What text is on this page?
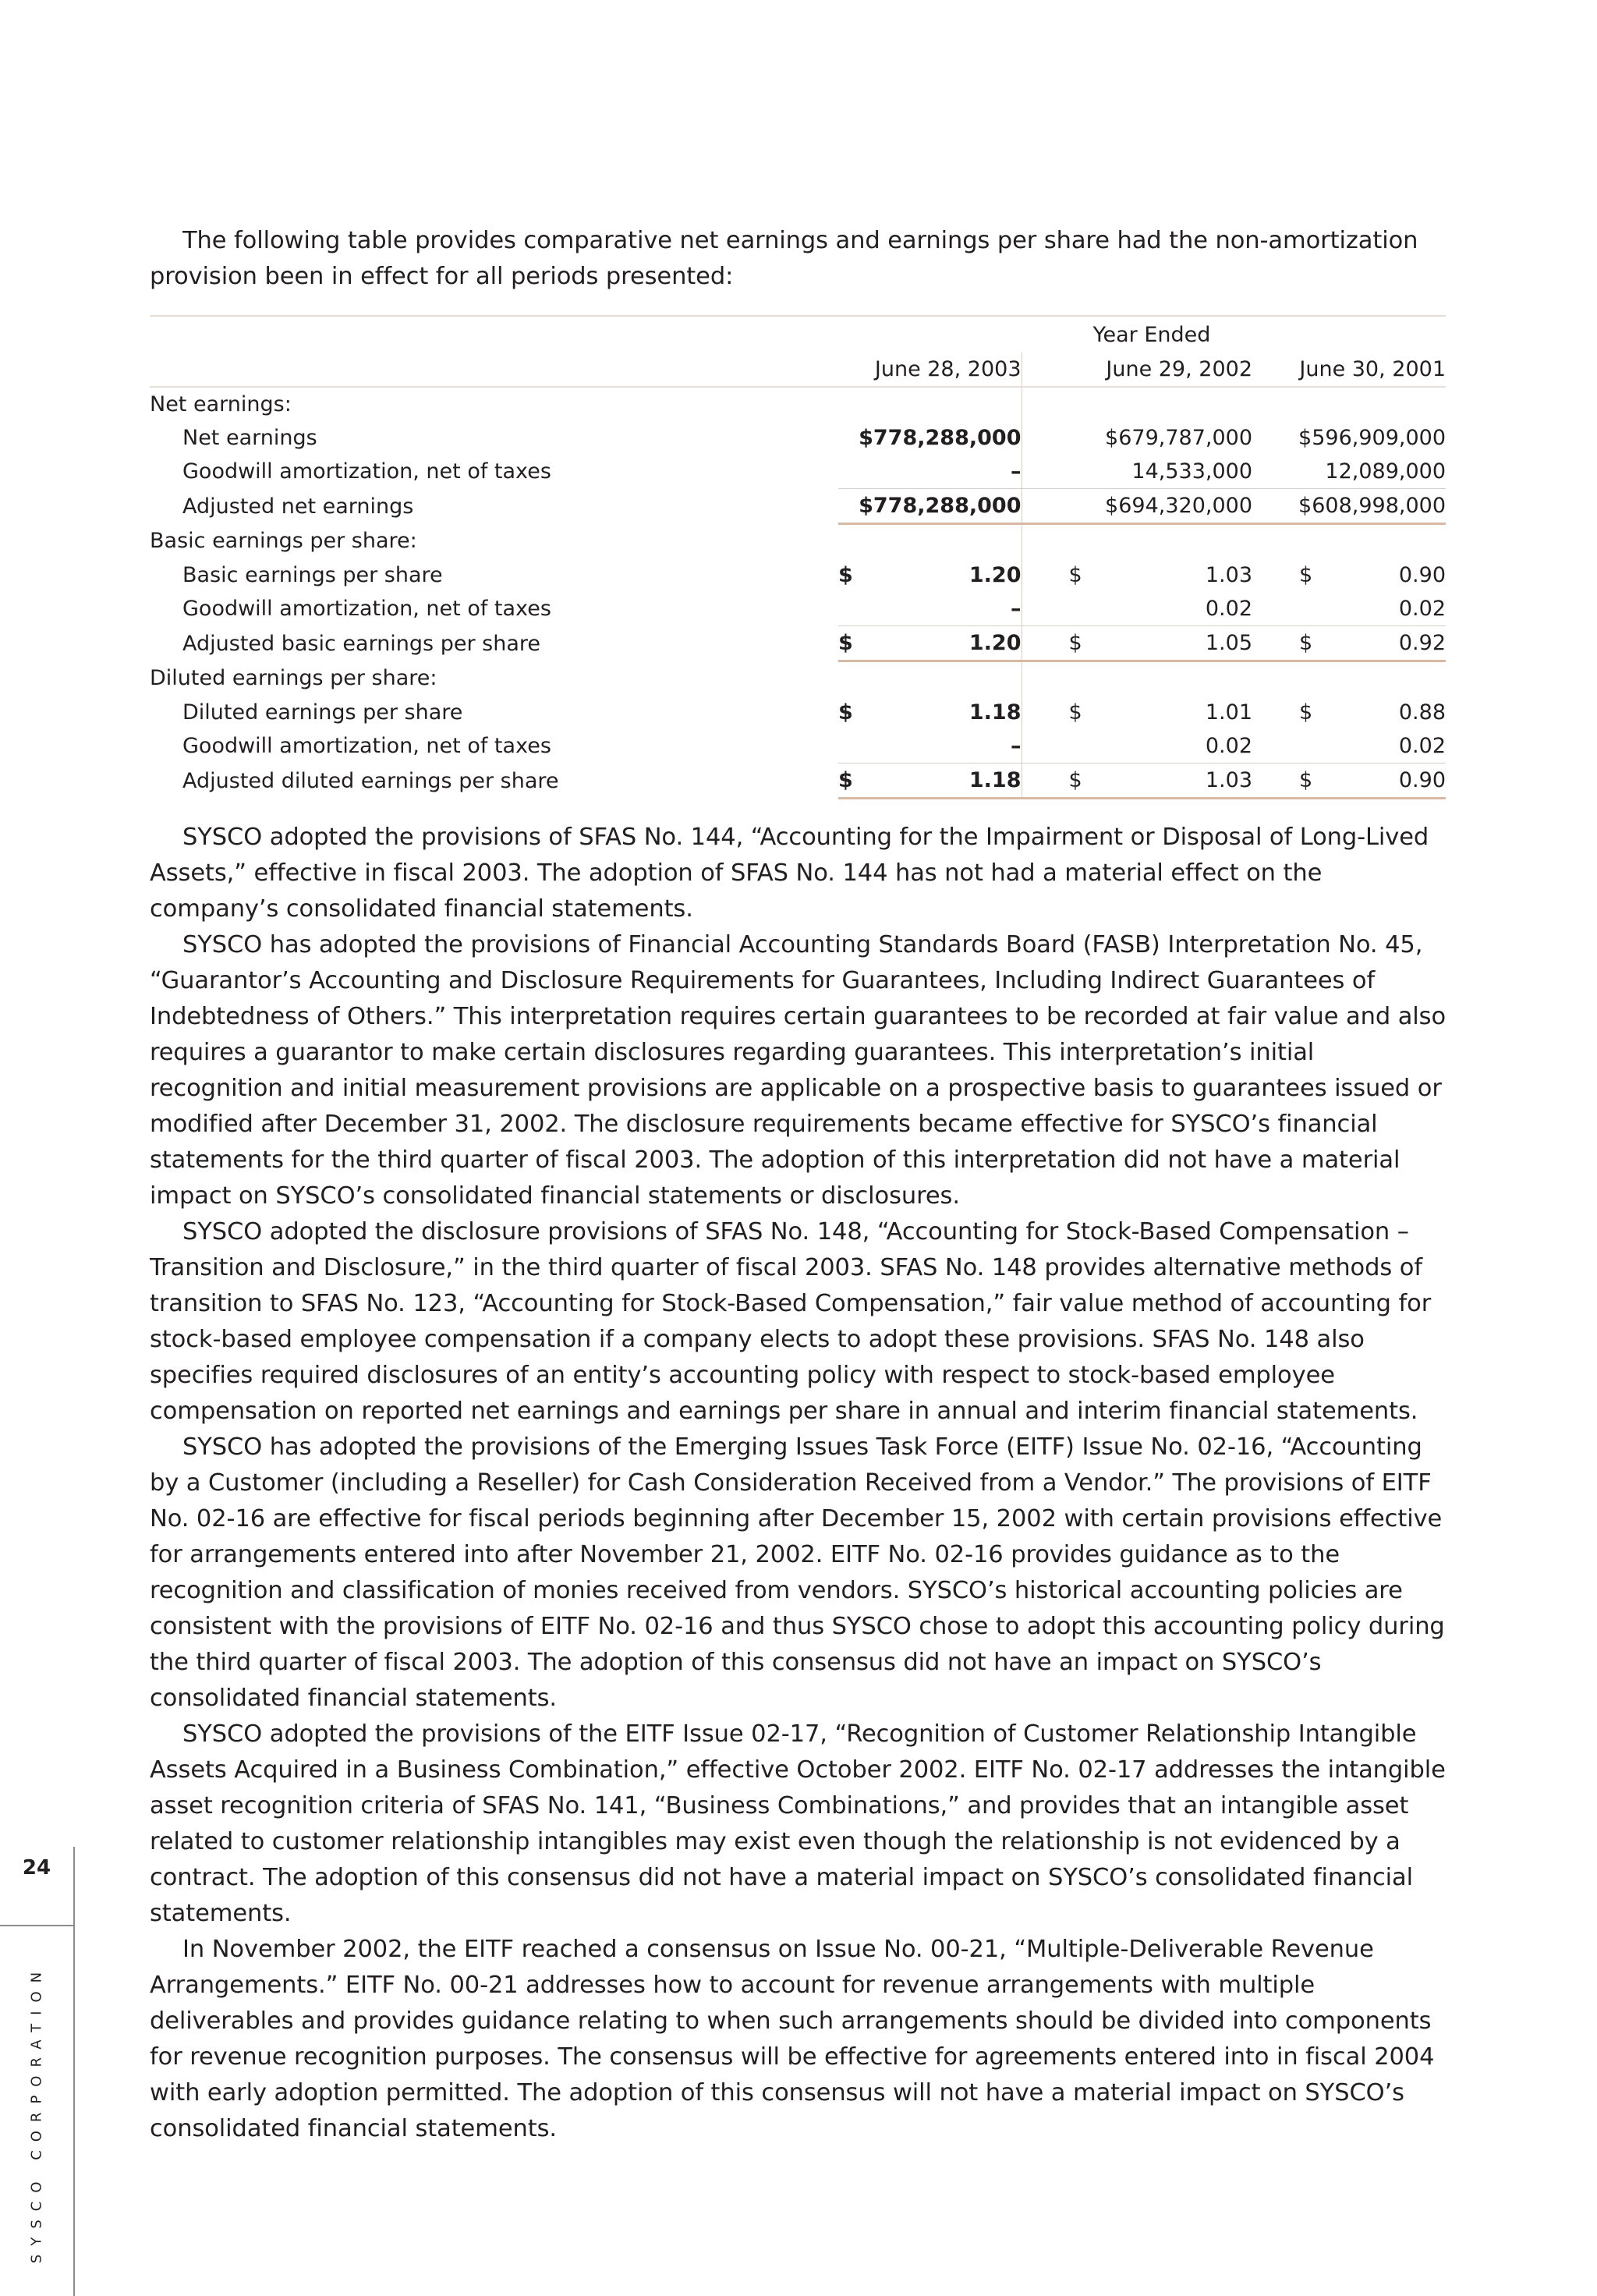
The following table provides comparative net earnings and earnings per share had the non-amortization provision been in effect for all periods presented:

		Year Ended	
	June 28, 2003	June 29, 2002	June 30, 2001
Net earnings:			
Net earnings	$778,288,000	$679,787,000	$596,909,000
Goodwill amortization, net of taxes	–	14,533,000	12,089,000
Adjusted net earnings	$778,288,000	$694,320,000	$608,998,000
Basic earnings per share:			
Basic earnings per share	$ 1.20	$ 1.03	$ 0.90
Goodwill amortization, net of taxes	–	0.02	0.02
Adjusted basic earnings per share	$ 1.20	$ 1.05	$ 0.92
Diluted earnings per share:			
Diluted earnings per share	$ 1.18	$ 1.01	$ 0.88
Goodwill amortization, net of taxes	–	0.02	0.02
Adjusted diluted earnings per share	$ 1.18	$ 1.03	$ 0.90

SYSCO adopted the provisions of SFAS No. 144, “Accounting for the Impairment or Disposal of Long-Lived Assets,” effective in fiscal 2003. The adoption of SFAS No. 144 has not had a material effect on the company’s consolidated financial statements.

SYSCO has adopted the provisions of Financial Accounting Standards Board (FASB) Interpretation No. 45, “Guarantor’s Accounting and Disclosure Requirements for Guarantees, Including Indirect Guarantees of Indebtedness of Others.” This interpretation requires certain guarantees to be recorded at fair value and also requires a guarantor to make certain disclosures regarding guarantees. This interpretation’s initial recognition and initial measurement provisions are applicable on a prospective basis to guarantees issued or modified after December 31, 2002. The disclosure requirements became effective for SYSCO’s financial statements for the third quarter of fiscal 2003. The adoption of this interpretation did not have a material impact on SYSCO’s consolidated financial statements or disclosures.

SYSCO adopted the disclosure provisions of SFAS No. 148, “Accounting for Stock-Based Compensation – Transition and Disclosure,” in the third quarter of fiscal 2003. SFAS No. 148 provides alternative methods of transition to SFAS No. 123, “Accounting for Stock-Based Compensation,” fair value method of accounting for stock-based employee compensation if a company elects to adopt these provisions. SFAS No. 148 also specifies required disclosures of an entity’s accounting policy with respect to stock-based employee compensation on reported net earnings and earnings per share in annual and interim financial statements.

SYSCO has adopted the provisions of the Emerging Issues Task Force (EITF) Issue No. 02-16, “Accounting by a Customer (including a Reseller) for Cash Consideration Received from a Vendor.” The provisions of EITF No. 02-16 are effective for fiscal periods beginning after December 15, 2002 with certain provisions effective for arrangements entered into after November 21, 2002. EITF No. 02-16 provides guidance as to the recognition and classification of monies received from vendors. SYSCO’s historical accounting policies are consistent with the provisions of EITF No. 02-16 and thus SYSCO chose to adopt this accounting policy during the third quarter of fiscal 2003. The adoption of this consensus did not have an impact on SYSCO’s consolidated financial statements.

SYSCO adopted the provisions of the EITF Issue 02-17, “Recognition of Customer Relationship Intangible Assets Acquired in a Business Combination,” effective October 2002. EITF No. 02-17 addresses the intangible asset recognition criteria of SFAS No. 141, “Business Combinations,” and provides that an intangible asset related to customer relationship intangibles may exist even though the relationship is not evidenced by a contract. The adoption of this consensus did not have a material impact on SYSCO’s consolidated financial statements.

In November 2002, the EITF reached a consensus on Issue No. 00-21, “Multiple-Deliverable Revenue Arrangements.” EITF No. 00-21 addresses how to account for revenue arrangements with multiple deliverables and provides guidance relating to when such arrangements should be divided into components for revenue recognition purposes. The consensus will be effective for agreements entered into in fiscal 2004 with early adoption permitted. The adoption of this consensus will not have a material impact on SYSCO’s consolidated financial statements.

24
SYSCO CORPORATION
